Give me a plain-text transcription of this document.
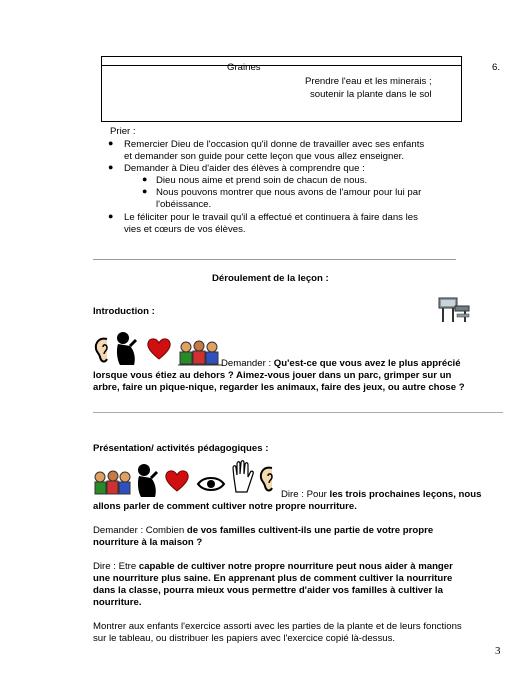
Graines
Prendre l'eau et les minerais ;
soutenir la plante dans le sol
6.
Prier :
● Remercier Dieu de l'occasion qu'il donne de travailler avec ses enfants
et demander son guide pour cette leçon que vous allez enseigner.
● Demander à Dieu d'aider des élèves à comprendre que :
● Dieu nous aime et prend soin de chacun de nous.
● Nous pouvons montrer que nous avons de l'amour pour lui par
l'obéissance.
● Le féliciter pour le travail qu'il a effectué et continuera à faire dans les
vies et cœurs de vos élèves.
Déroulement de la leçon :
Introduction :
Demander : Qu'est-ce que vous avez le plus apprécié
lorsque vous étiez au dehors ? Aimez-vous jouer dans un parc, grimper sur un
arbre, faire un pique-nique, regarder les animaux, faire des jeux, ou autre chose ?
Présentation/ activités pédagogiques :
Dire : Pour les trois prochaines leçons, nous
allons parler de comment cultiver notre propre nourriture.
Demander : Combien de vos familles cultivent-ils une partie de votre propre
nourriture à la maison ?
Dire : Etre capable de cultiver notre propre nourriture peut nous aider à manger
une nourriture plus saine. En apprenant plus de comment cultiver la nourriture
dans la classe, pourra mieux vous permettre d'aider vos familles à cultiver la
nourriture.
Montrer aux enfants l'exercice assorti avec les parties de la plante et de leurs fonctions
sur le tableau, ou distribuer les papiers avec l'exercice copié là-dessus.
3
